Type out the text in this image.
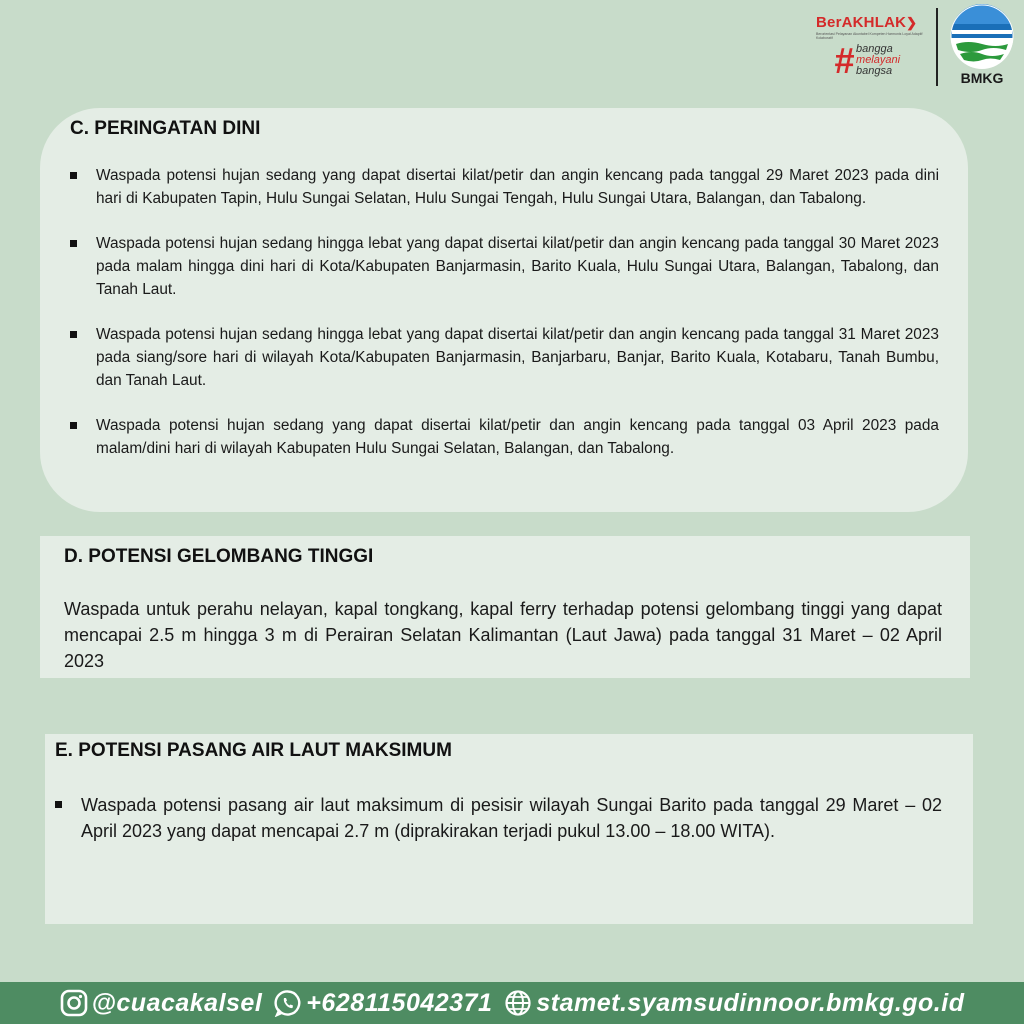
BerAKHLAK❯
Berorientasi Pelayanan Akuntabel Kompeten Harmonis Loyal Adaptif Kolaboratif
# bangga
melayani
bangsa	BMKG
C. PERINGATAN DINI
Waspada potensi hujan sedang yang dapat disertai kilat/petir dan angin kencang pada tanggal 29 Maret 2023 pada dini hari di Kabupaten Tapin, Hulu Sungai Selatan, Hulu Sungai Tengah, Hulu Sungai Utara, Balangan, dan Tabalong.
Waspada potensi hujan sedang hingga lebat yang dapat disertai kilat/petir dan angin kencang pada tanggal 30 Maret 2023 pada malam hingga dini hari di Kota/Kabupaten Banjarmasin, Barito Kuala, Hulu Sungai Utara, Balangan, Tabalong, dan Tanah Laut.
Waspada potensi hujan sedang hingga lebat yang dapat disertai kilat/petir dan angin kencang pada tanggal 31 Maret 2023 pada siang/sore hari di wilayah Kota/Kabupaten Banjarmasin, Banjarbaru, Banjar, Barito Kuala, Kotabaru, Tanah Bumbu, dan Tanah Laut.
Waspada potensi hujan sedang yang dapat disertai kilat/petir dan angin kencang pada tanggal 03 April 2023 pada malam/dini hari di wilayah Kabupaten Hulu Sungai Selatan, Balangan, dan Tabalong.
D. POTENSI GELOMBANG TINGGI
Waspada untuk perahu nelayan, kapal tongkang, kapal ferry terhadap potensi gelombang tinggi yang dapat mencapai 2.5 m hingga 3 m di Perairan Selatan Kalimantan (Laut Jawa) pada tanggal 31 Maret – 02 April 2023
E. POTENSI PASANG AIR LAUT MAKSIMUM
Waspada potensi pasang air laut maksimum di pesisir wilayah Sungai Barito pada tanggal 29 Maret – 02 April 2023 yang dapat mencapai 2.7 m (diprakirakan terjadi pukul 13.00 – 18.00 WITA).
@cuacakalsel +628115042371 stamet.syamsudinnoor.bmkg.go.id
